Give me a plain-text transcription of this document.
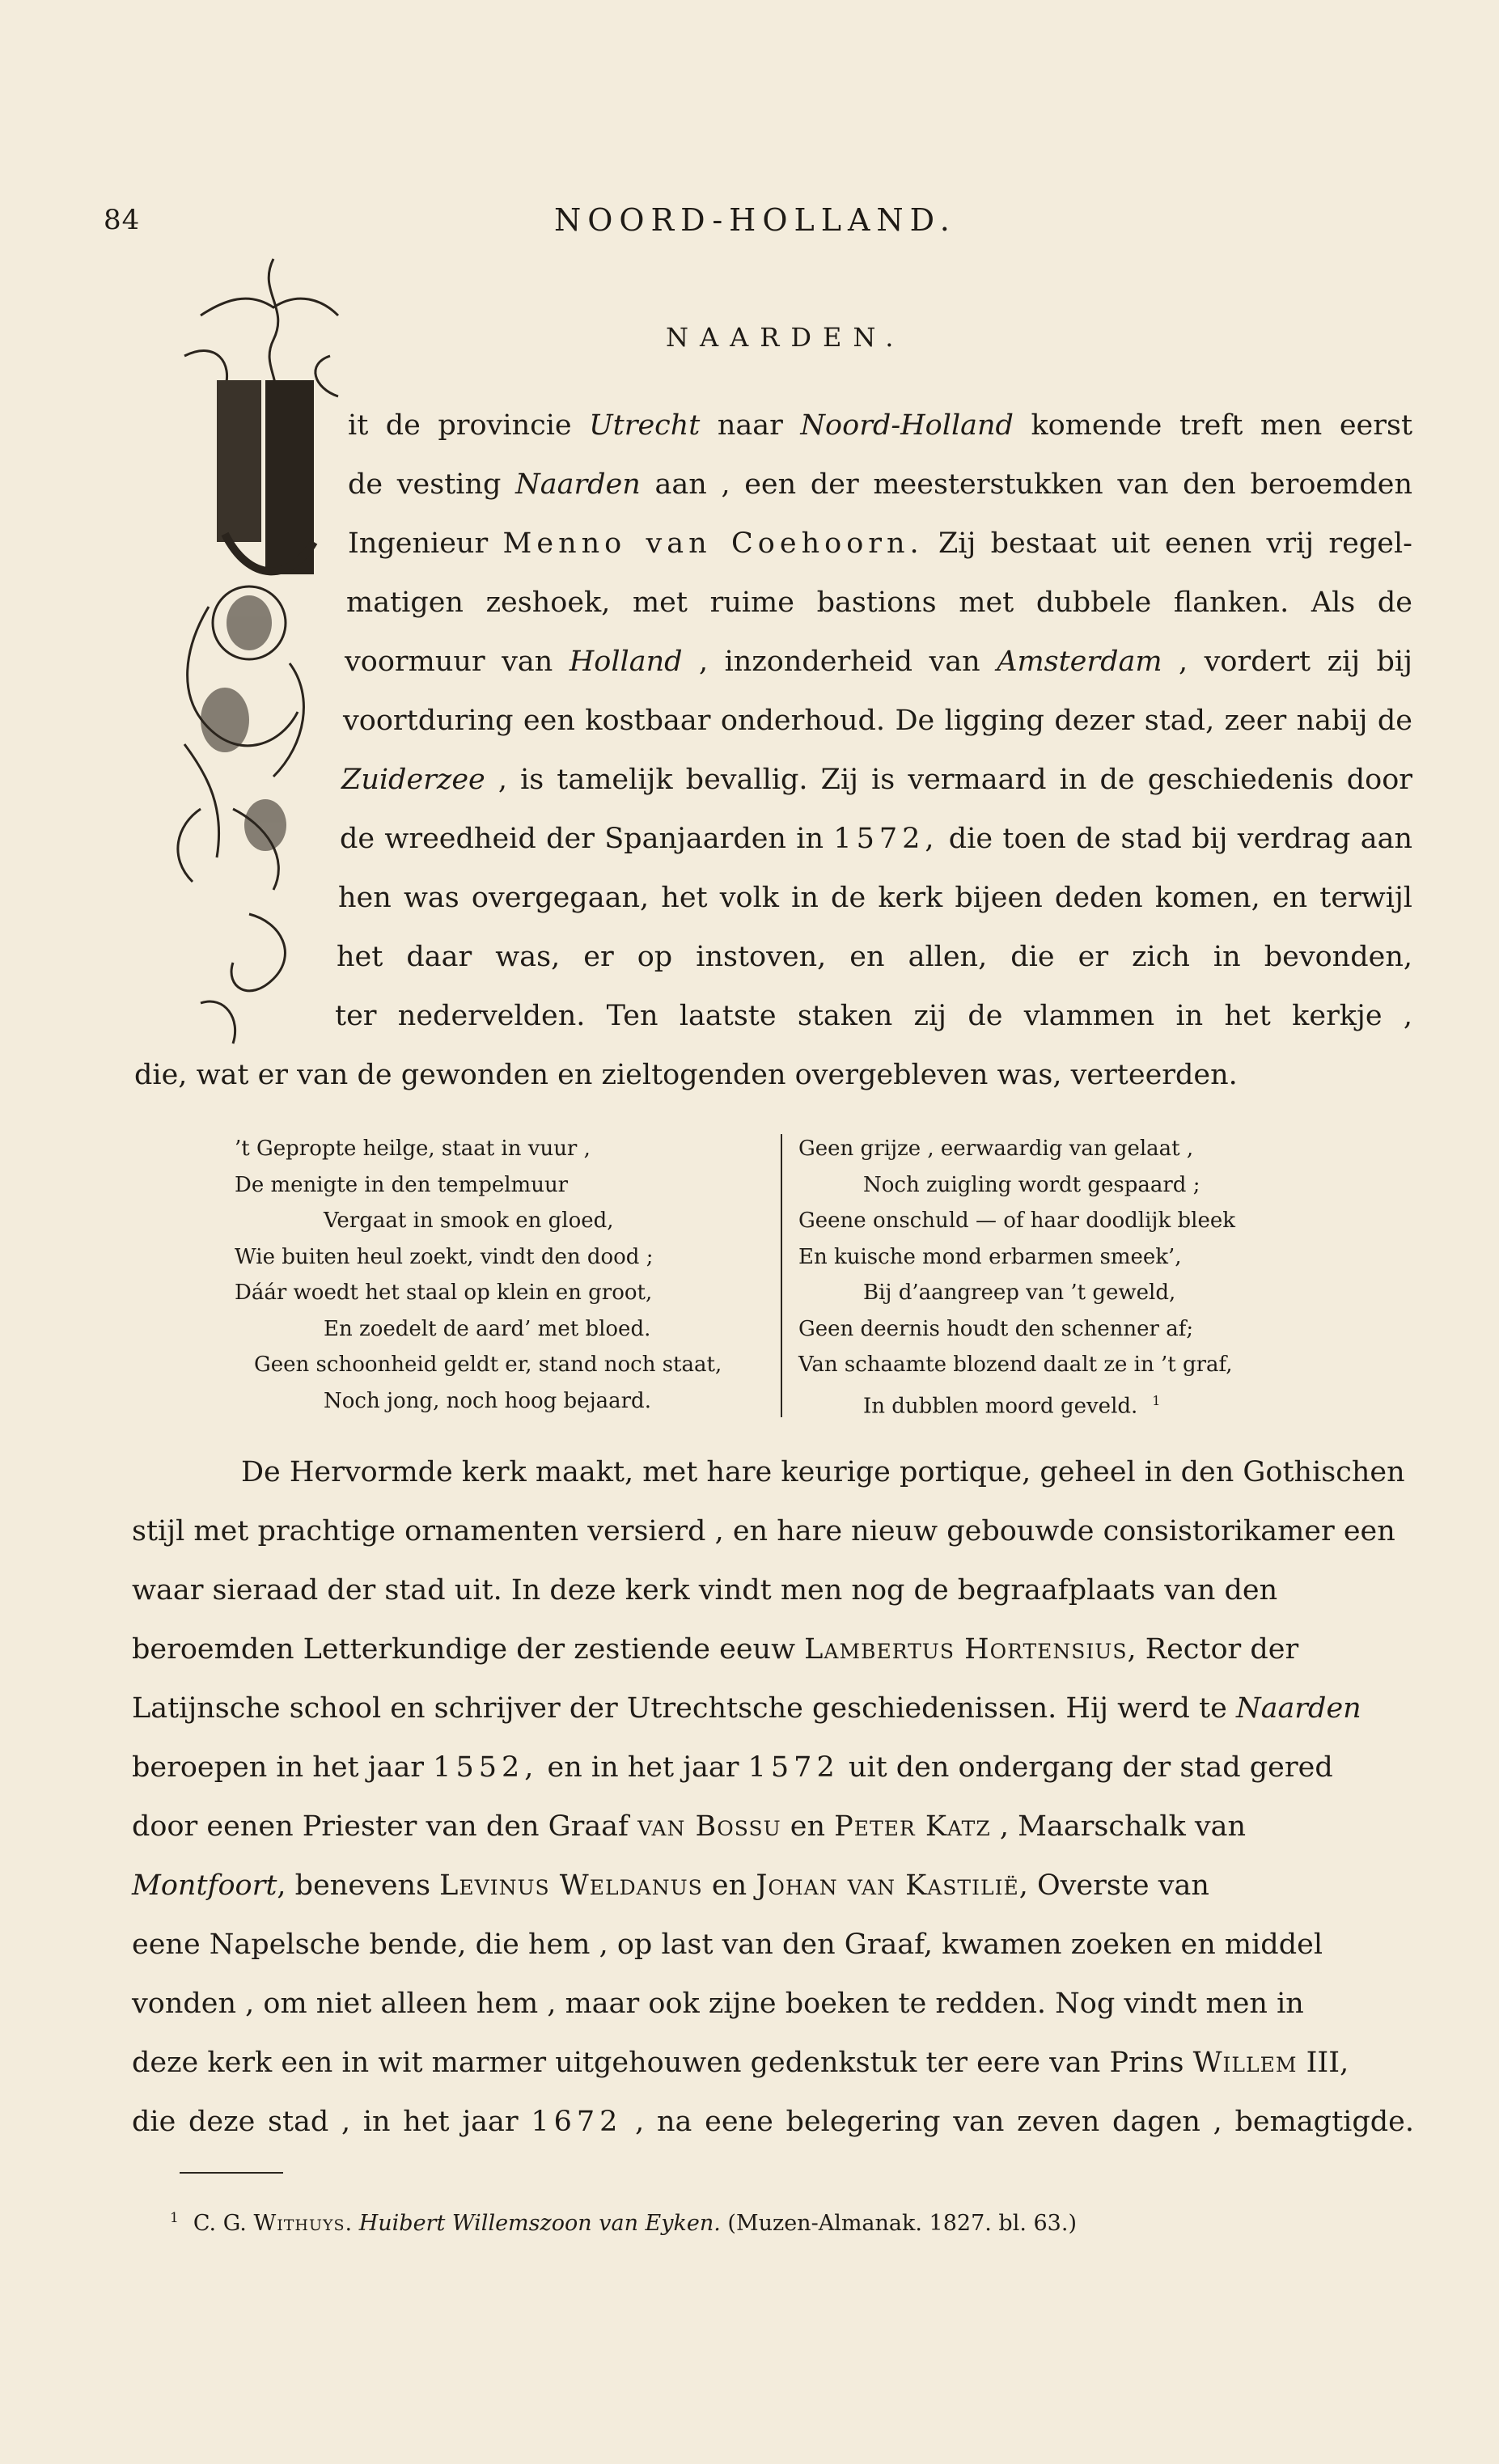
84	NOORD-HOLLAND.
NAARDEN.
it de provincie Utrecht naar Noord-Holland komende treft men eerst
de vesting Naarden aan , een der meesterstukken van den beroemden
Ingenieur Menno van Coehoorn. Zij bestaat uit eenen vrij regel-
matigen zeshoek, met ruime bastions met dubbele flanken. Als de
voormuur van Holland , inzonderheid van Amsterdam , vordert zij bij
voortduring een kostbaar onderhoud. De ligging dezer stad, zeer nabij de
Zuiderzee , is tamelijk bevallig. Zij is vermaard in de geschiedenis door
de wreedheid der Spanjaarden in 1572, die toen de stad bij verdrag aan
hen was overgegaan, het volk in de kerk bijeen deden komen, en terwijl
het daar was, er op instoven, en allen, die er zich in bevonden,
ter nedervelden. Ten laatste staken zij de vlammen in het kerkje ,
die, wat er van de gewonden en zieltogenden overgebleven was, verteerden.
’t Gepropte heilge, staat in vuur ,
De menigte in den tempelmuur
Vergaat in smook en gloed,
Wie buiten heul zoekt, vindt den dood ;
Dáár woedt het staal op klein en groot,
En zoedelt de aard’ met bloed.
Geen schoonheid geldt er, stand noch staat,
Noch jong, noch hoog bejaard.
Geen grijze , eerwaardig van gelaat ,
Noch zuigling wordt gespaard ;
Geene onschuld — of haar doodlijk bleek
En kuische mond erbarmen smeek’,
Bij d’aangreep van ’t geweld,
Geen deernis houdt den schenner af;
Van schaamte blozend daalt ze in ’t graf,
In dubblen moord geveld. $^1$
De Hervormde kerk maakt, met hare keurige portique, geheel in den Gothischen
stijl met prachtige ornamenten versierd , en hare nieuw gebouwde consistorikamer een
waar sieraad der stad uit. In deze kerk vindt men nog de begraafplaats van den
beroemden Letterkundige der zestiende eeuw Lambertus Hortensius, Rector der
Latijnsche school en schrijver der Utrechtsche geschiedenissen. Hij werd te Naarden
beroepen in het jaar 1552, en in het jaar 1572 uit den ondergang der stad gered
door eenen Priester van den Graaf van Bossu en Peter Katz , Maarschalk van
Montfoort, benevens Levinus Weldanus en Johan van Kastilië, Overste van
eene Napelsche bende, die hem , op last van den Graaf, kwamen zoeken en middel
vonden , om niet alleen hem , maar ook zijne boeken te redden. Nog vindt men in
deze kerk een in wit marmer uitgehouwen gedenkstuk ter eere van Prins Willem III,
die deze stad , in het jaar 1672 , na eene belegering van zeven dagen , bemagtigde.
$^1$ C. G. Withuys. Huibert Willemszoon van Eyken. (Muzen-Almanak. 1827. bl. 63.)
